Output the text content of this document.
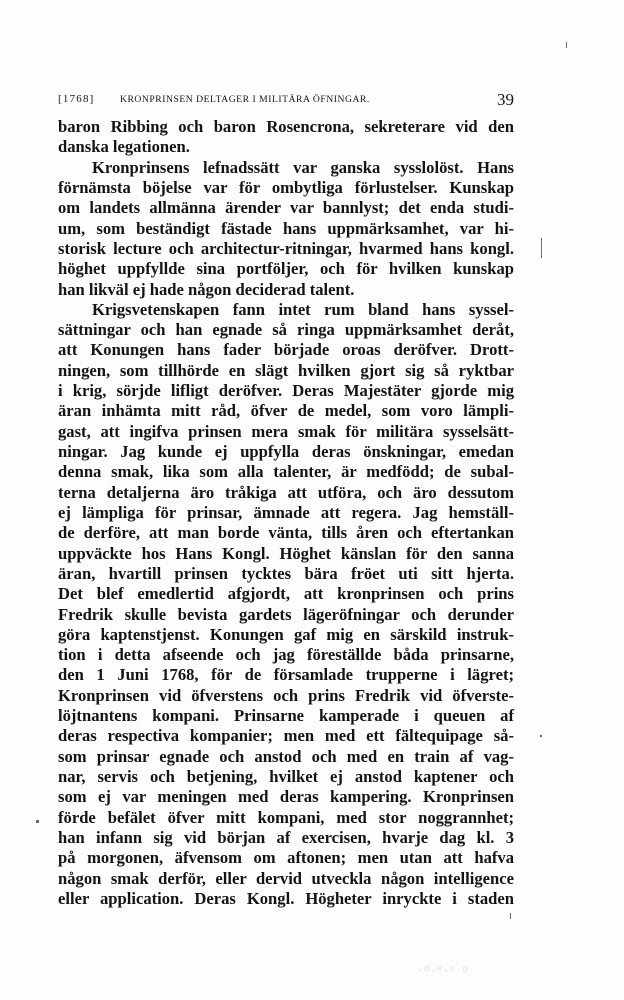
[1768]	KRONPRINSEN DELTAGER I MILITÄRA ÖFNINGAR.	39
baron Ribbing och baron Rosencrona, sekreterare vid den
danska legationen.
Kronprinsens lefnadssätt var ganska sysslolöst. Hans
förnämsta böjelse var för ombytliga förlustelser. Kunskap
om landets allmänna ärender var bannlyst; det enda studi-
um, som beständigt fästade hans uppmärksamhet, var hi-
storisk lecture och architectur-ritningar, hvarmed hans kongl.
höghet uppfyllde sina portföljer, och för hvilken kunskap
han likväl ej hade någon deciderad talent.
Krigsvetenskapen fann intet rum bland hans syssel-
sättningar och han egnade så ringa uppmärksamhet deråt,
att Konungen hans fader började oroas deröfver. Drott-
ningen, som tillhörde en slägt hvilken gjort sig så ryktbar
i krig, sörjde lifligt deröfver. Deras Majestäter gjorde mig
äran inhämta mitt råd, öfver de medel, som voro lämpli-
gast, att ingifva prinsen mera smak för militära sysselsätt-
ningar. Jag kunde ej uppfylla deras önskningar, emedan
denna smak, lika som alla talenter, är medfödd; de subal-
terna detaljerna äro tråkiga att utföra, och äro dessutom
ej lämpliga för prinsar, ämnade att regera. Jag hemställ-
de derföre, att man borde vänta, tills åren och eftertankan
uppväckte hos Hans Kongl. Höghet känslan för den sanna
äran, hvartill prinsen tycktes bära fröet uti sitt hjerta.
Det blef emedlertid afgjordt, att kronprinsen och prins
Fredrik skulle bevista gardets lägeröfningar och derunder
göra kaptenstjenst. Konungen gaf mig en särskild instruk-
tion i detta afseende och jag föreställde båda prinsarne,
den 1 Juni 1768, för de församlade trupperne i lägret;
Kronprinsen vid öfverstens och prins Fredrik vid öfverste-
löjtnantens kompani. Prinsarne kamperade i queuen af
deras respectiva kompanier; men med ett fältequipage så-
som prinsar egnade och anstod och med en train af vag-
nar, servis och betjening, hvilket ej anstod kaptener och
som ej var meningen med deras kampering. Kronprinsen
förde befälet öfver mitt kompani, med stor noggrannhet;
han infann sig vid början af exercisen, hvarje dag kl. 3
på morgonen, äfvensom om aftonen; men utan att hafva
någon smak derför, eller dervid utveckla någon intelligence
eller application. Deras Kongl. Högheter inryckte i staden
·ᵈ·ᵉ·ˢ·ᵍ
